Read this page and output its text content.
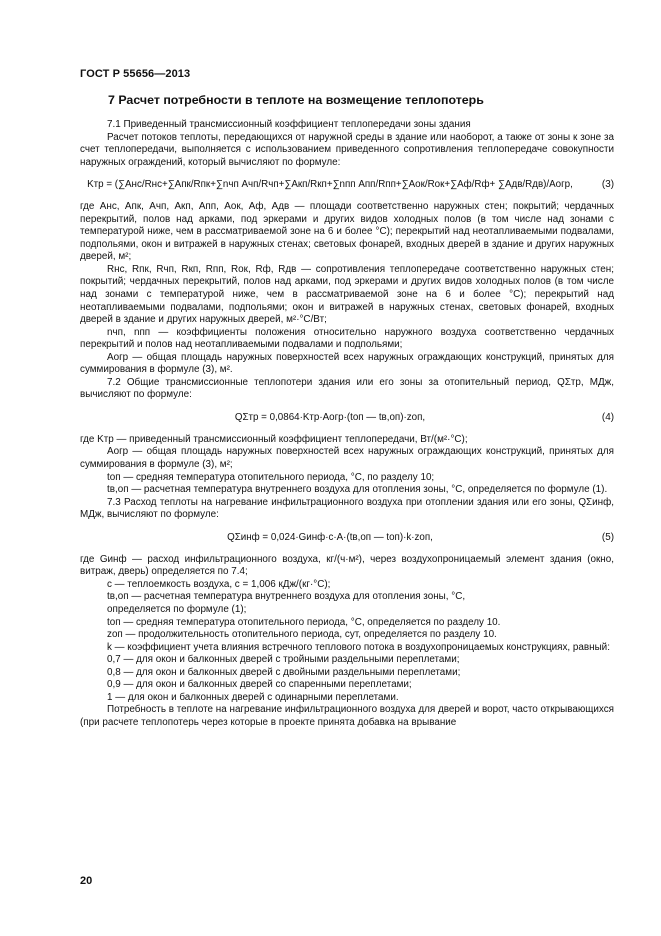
ГОСТ Р 55656—2013
7 Расчет потребности в теплоте на возмещение теплопотерь

7.1 Приведенный трансмиссионный коэффициент теплопередачи зоны здания

Расчет потоков теплоты, передающихся от наружной среды в здание или наоборот, а также от зоны к зоне за счет теплопередачи, выполняется с использованием приведенного сопротивления теплопередаче совокупности наружных ограждений, который вычисляют по формуле:

Kтр = (∑Aнс/Rнс+∑Aпк/Rпк+∑nчп Aчп/Rчп+∑Aкп/Rкп+∑nпп Aпп/Rпп+∑Aок/Rок+∑Aф/Rф+ ∑Aдв/Rдв)/Aогр,	(3)

где Aнс, Aпк, Aчп, Aкп, Aпп, Aок, Aф, Aдв — площади соответственно наружных стен; покрытий; чердачных перекрытий, полов над арками, под эркерами и других видов холодных полов (в том числе над зонами с температурой ниже, чем в рассматриваемой зоне на 6 и более °С); перекрытий над неотапливаемыми подвалами, подпольями, окон и витражей в наружных стенах; световых фонарей, входных дверей в здание и других наружных дверей, м²;

Rнс, Rпк, Rчп, Rкп, Rпп, Rок, Rф, Rдв — сопротивления теплопередаче соответственно наружных стен; покрытий; чердачных перекрытий, полов над арками, под эркерами и других видов холодных полов (в том числе над зонами с температурой ниже, чем в рассматриваемой зоне на 6 и более °С); перекрытий над неотапливаемыми подвалами, подпольями; окон и витражей в наружных стенах, световых фонарей, входных дверей в здание и других наружных дверей, м²·°С/Вт;

nчп, nпп — коэффициенты положения относительно наружного воздуха соответственно чердачных перекрытий и полов над неотапливаемыми подвалами и подпольями;

Aогр — общая площадь наружных поверхностей всех наружных ограждающих конструкций, принятых для суммирования в формуле (3), м².

7.2 Общие трансмиссионные теплопотери здания или его зоны за отопительный период, QΣтр, МДж, вычисляют по формуле:

QΣтр = 0,0864·Kтр·Aогр·(tоп — tв,оп)·zоп,	(4)

где Kтр — приведенный трансмиссионный коэффициент теплопередачи, Вт/(м²·°С);

Aогр — общая площадь наружных поверхностей всех наружных ограждающих конструкций, принятых для суммирования в формуле (3), м²;

tоп — средняя температура отопительного периода, °С, по разделу 10;

tв,оп — расчетная температура внутреннего воздуха для отопления зоны, °С, определяется по формуле (1).

7.3 Расход теплоты на нагревание инфильтрационного воздуха при отоплении здания или его зоны, QΣинф, МДж, вычисляют по формуле:

QΣинф = 0,024·Gинф·c·A·(tв,оп — tоп)·k·zоп,	(5)

где Gинф — расход инфильтрационного воздуха, кг/(ч·м²), через воздухопроницаемый элемент здания (окно, витраж, дверь) определяется по 7.4;

c — теплоемкость воздуха, c = 1,006 кДж/(кг·°С);

tв,оп — расчетная температура внутреннего воздуха для отопления зоны, °С,

определяется по формуле (1);

tоп — средняя температура отопительного периода, °С, определяется по разделу 10.

zоп — продолжительность отопительного периода, сут, определяется по разделу 10.

k — коэффициент учета влияния встречного теплового потока в воздухопроницаемых конструкциях, равный:

0,7 — для окон и балконных дверей с тройными раздельными переплетами;

0,8 — для окон и балконных дверей с двойными раздельными переплетами;

0,9 — для окон и балконных дверей со спаренными переплетами;

1 — для окон и балконных дверей с одинарными переплетами.

Потребность в теплоте на нагревание инфильтрационного воздуха для дверей и ворот, часто открывающихся (при расчете теплопотерь через которые в проекте принята добавка на врывание

20
